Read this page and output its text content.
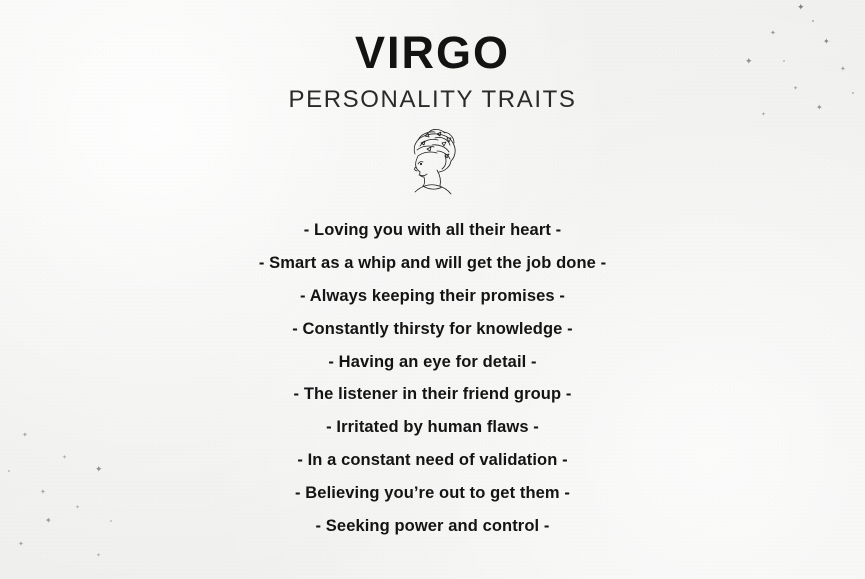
✦
✦
✦
✦
✦
✦
✦
✦
✦
✦
✦
✦
✦
✦
✦
✦
VIRGO
PERSONALITY TRAITS
- Loving you with all their heart -
- Smart as a whip and will get the job done -
- Always keeping their promises -
- Constantly thirsty for knowledge -
- Having an eye for detail -
- The listener in their friend group -
- Irritated by human flaws -
- In a constant need of validation -
- Believing you’re out to get them -
- Seeking power and control -
